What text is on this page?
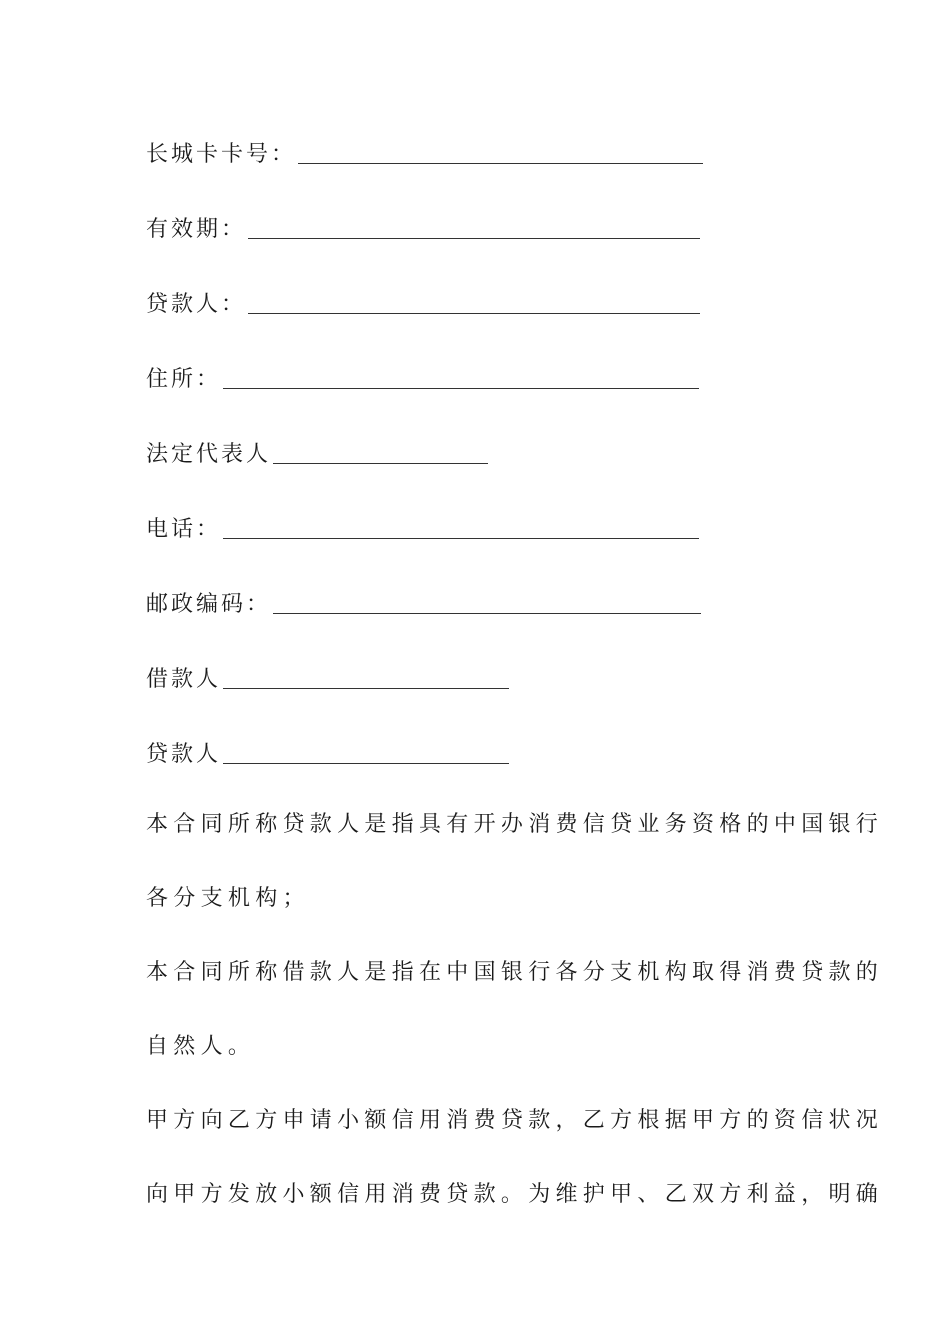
长城卡卡号：
有效期：
贷款人：
住所：
法定代表人
电话：
邮政编码：
借款人
贷款人
本合同所称贷款人是指具有开办消费信贷业务资格的中国银行
各分支机构；
本合同所称借款人是指在中国银行各分支机构取得消费贷款的
自然人。
甲方向乙方申请小额信用消费贷款，乙方根据甲方的资信状况
向甲方发放小额信用消费贷款。为维护甲、乙双方利益，明确
